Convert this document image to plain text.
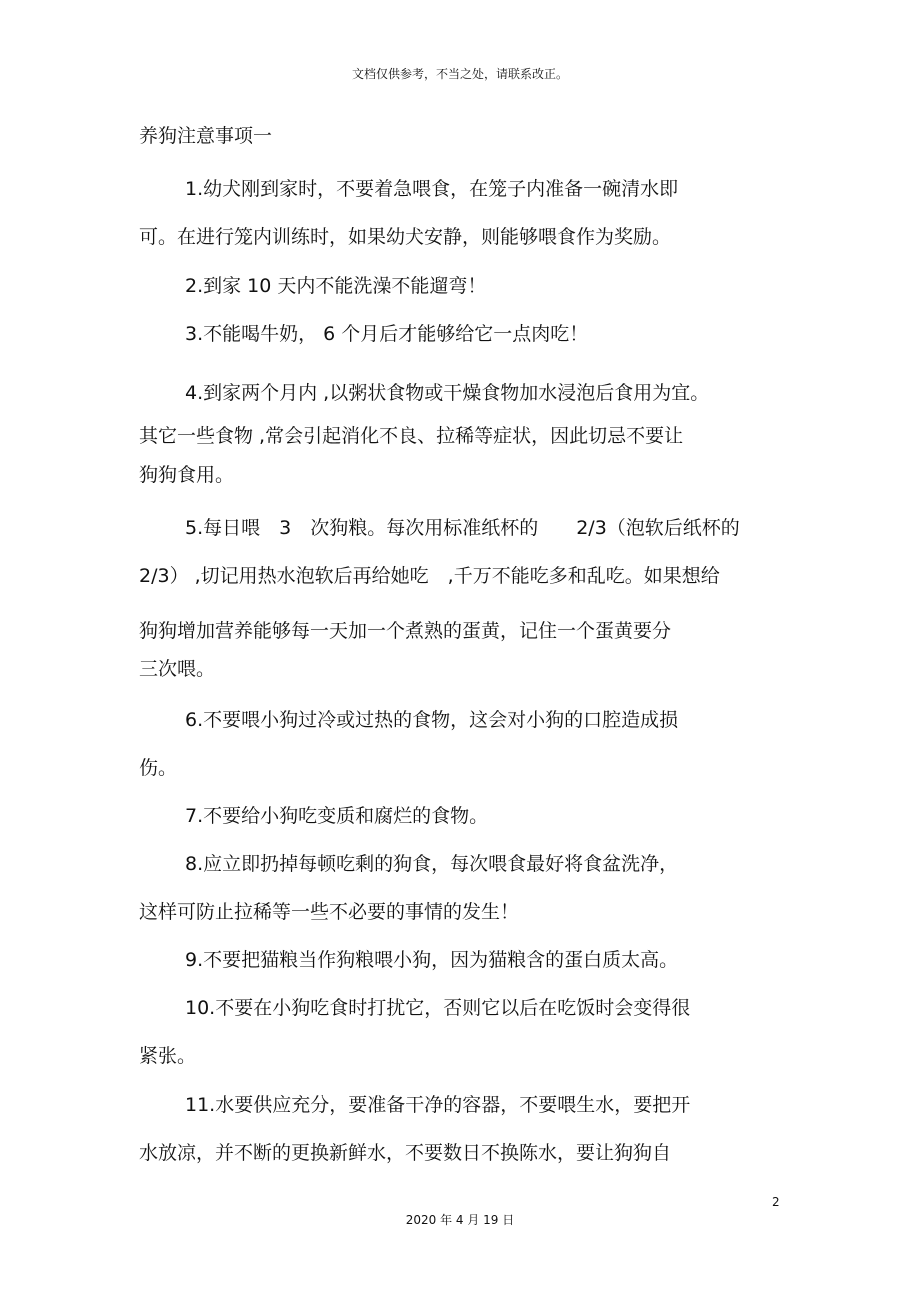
文档仅供参考，不当之处，请联系改正。
养狗注意事项一
1.幼犬刚到家时，不要着急喂食，在笼子内准备一碗清水即
可。在进行笼内训练时，如果幼犬安静，则能够喂食作为奖励。
2.到家 10 天内不能洗澡不能遛弯！
3.不能喝牛奶， 6 个月后才能够给它一点肉吃！
4.到家两个月内 ,以粥状食物或干燥食物加水浸泡后食用为宜。
其它一些食物 ,常会引起消化不良、拉稀等症状，因此切忌不要让
狗狗食用。
5.每日喂　3　次狗粮。每次用标准纸杯的　　2/3（泡软后纸杯的
2/3） ,切记用热水泡软后再给她吃　,千万不能吃多和乱吃。如果想给
狗狗增加营养能够每一天加一个煮熟的蛋黄，记住一个蛋黄要分
三次喂。
6.不要喂小狗过冷或过热的食物，这会对小狗的口腔造成损
伤。
7.不要给小狗吃变质和腐烂的食物。
8.应立即扔掉每顿吃剩的狗食，每次喂食最好将食盆洗净，
这样可防止拉稀等一些不必要的事情的发生！
9.不要把猫粮当作狗粮喂小狗，因为猫粮含的蛋白质太高。
10.不要在小狗吃食时打扰它，否则它以后在吃饭时会变得很
紧张。
11.水要供应充分，要准备干净的容器，不要喂生水，要把开
水放凉，并不断的更换新鲜水，不要数日不换陈水，要让狗狗自
2
2020 年 4 月 19 日
